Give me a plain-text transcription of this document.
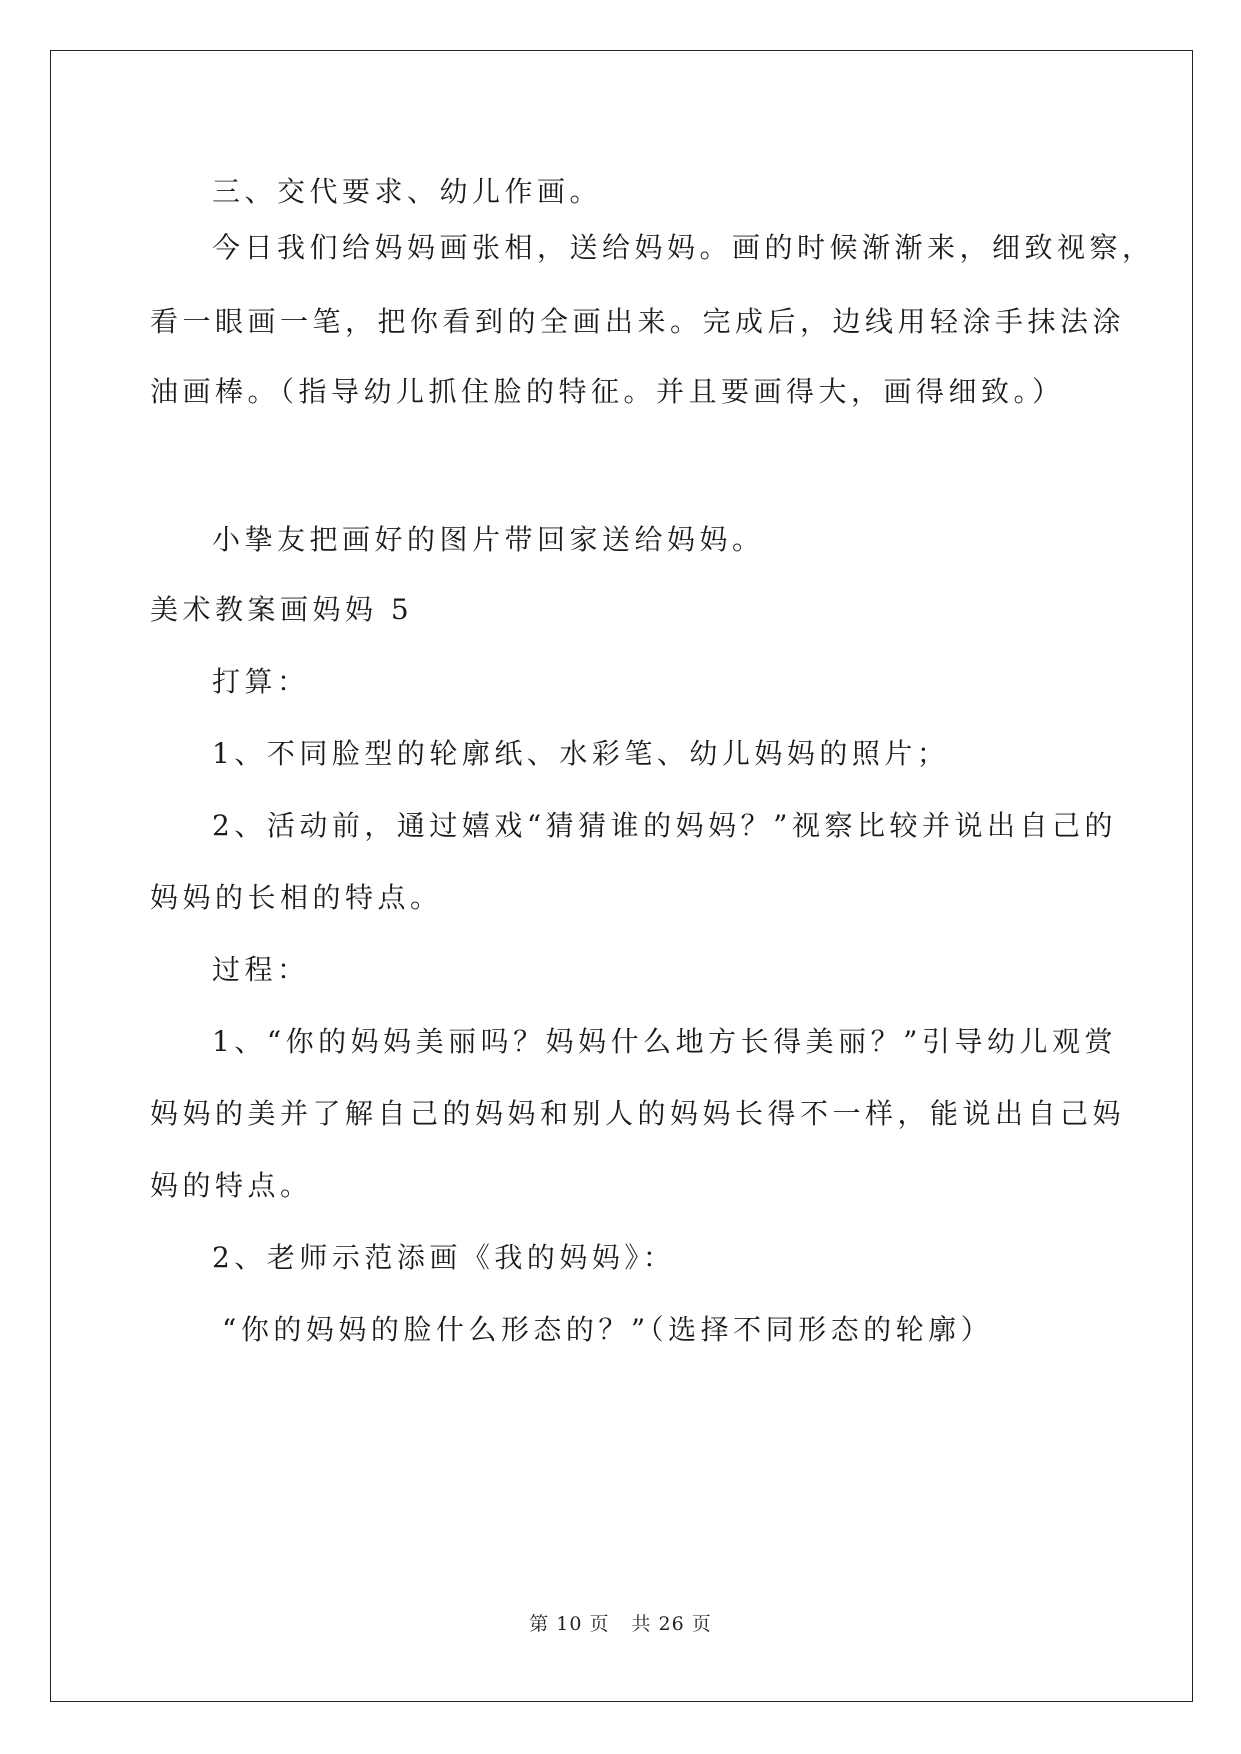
三、交代要求、幼儿作画。
今日我们给妈妈画张相，送给妈妈。画的时候渐渐来，细致视察，
看一眼画一笔，把你看到的全画出来。完成后，边线用轻涂手抹法涂
油画棒。（指导幼儿抓住脸的特征。并且要画得大，画得细致。）
小挚友把画好的图片带回家送给妈妈。
美术教案画妈妈 5
打算：
1、不同脸型的轮廓纸、水彩笔、幼儿妈妈的照片；
2、活动前，通过嬉戏“猜猜谁的妈妈？”视察比较并说出自己的
妈妈的长相的特点。
过程：
1、“你的妈妈美丽吗？妈妈什么地方长得美丽？”引导幼儿观赏
妈妈的美并了解自己的妈妈和别人的妈妈长得不一样，能说出自己妈
妈的特点。
2、老师示范添画《我的妈妈》：
“你的妈妈的脸什么形态的？”（选择不同形态的轮廓）
第 10 页 共 26 页
